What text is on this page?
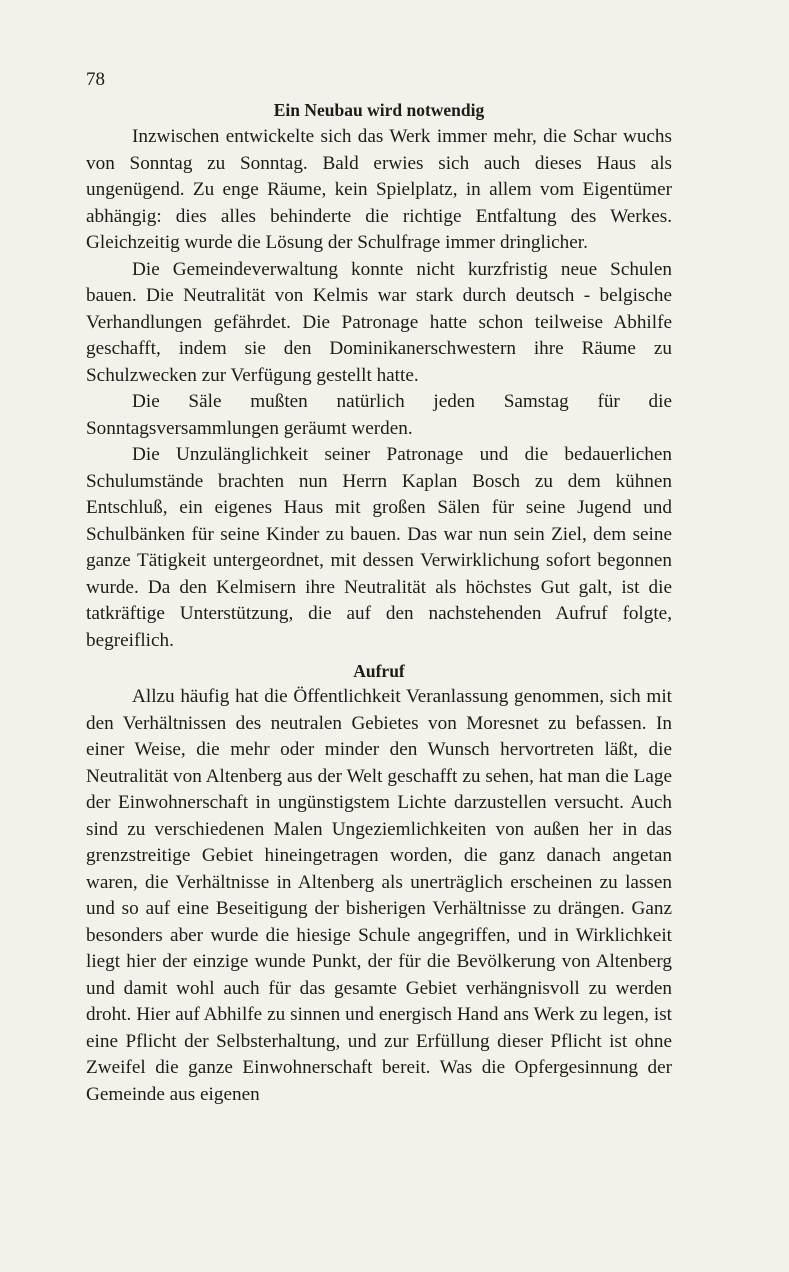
78
Ein Neubau wird notwendig

Inzwischen entwickelte sich das Werk immer mehr, die Schar wuchs von Sonntag zu Sonntag. Bald erwies sich auch dieses Haus als ungenügend. Zu enge Räume, kein Spielplatz, in allem vom Eigentümer abhängig: dies alles behinderte die richtige Entfaltung des Werkes. Gleichzeitig wurde die Lösung der Schulfrage immer dringlicher.

Die Gemeindeverwaltung konnte nicht kurzfristig neue Schulen bauen. Die Neutralität von Kelmis war stark durch deutsch - belgische Verhandlungen gefährdet. Die Patronage hatte schon teilweise Abhilfe geschafft, indem sie den Dominikanerschwestern ihre Räume zu Schulzwecken zur Verfügung gestellt hatte.

Die Säle mußten natürlich jeden Samstag für die Sonntagsversammlungen geräumt werden.

Die Unzulänglichkeit seiner Patronage und die bedauerlichen Schulumstände brachten nun Herrn Kaplan Bosch zu dem kühnen Entschluß, ein eigenes Haus mit großen Sälen für seine Jugend und Schulbänken für seine Kinder zu bauen. Das war nun sein Ziel, dem seine ganze Tätigkeit untergeordnet, mit dessen Verwirklichung sofort begonnen wurde. Da den Kelmisern ihre Neutralität als höchstes Gut galt, ist die tatkräftige Unterstützung, die auf den nachstehenden Aufruf folgte, begreiflich.

Aufruf

Allzu häufig hat die Öffentlichkeit Veranlassung genommen, sich mit den Verhältnissen des neutralen Gebietes von Moresnet zu befassen. In einer Weise, die mehr oder minder den Wunsch hervortreten läßt, die Neutralität von Altenberg aus der Welt geschafft zu sehen, hat man die Lage der Einwohnerschaft in ungünstigstem Lichte darzustellen versucht. Auch sind zu verschiedenen Malen Ungeziemlichkeiten von außen her in das grenzstreitige Gebiet hineingetragen worden, die ganz danach angetan waren, die Verhältnisse in Altenberg als unerträglich erscheinen zu lassen und so auf eine Beseitigung der bisherigen Verhältnisse zu drängen. Ganz besonders aber wurde die hiesige Schule angegriffen, und in Wirklichkeit liegt hier der einzige wunde Punkt, der für die Bevölkerung von Altenberg und damit wohl auch für das gesamte Gebiet verhängnisvoll zu werden droht. Hier auf Abhilfe zu sinnen und energisch Hand ans Werk zu legen, ist eine Pflicht der Selbsterhaltung, und zur Erfüllung dieser Pflicht ist ohne Zweifel die ganze Einwohnerschaft bereit. Was die Opfergesinnung der Gemeinde aus eigenen
